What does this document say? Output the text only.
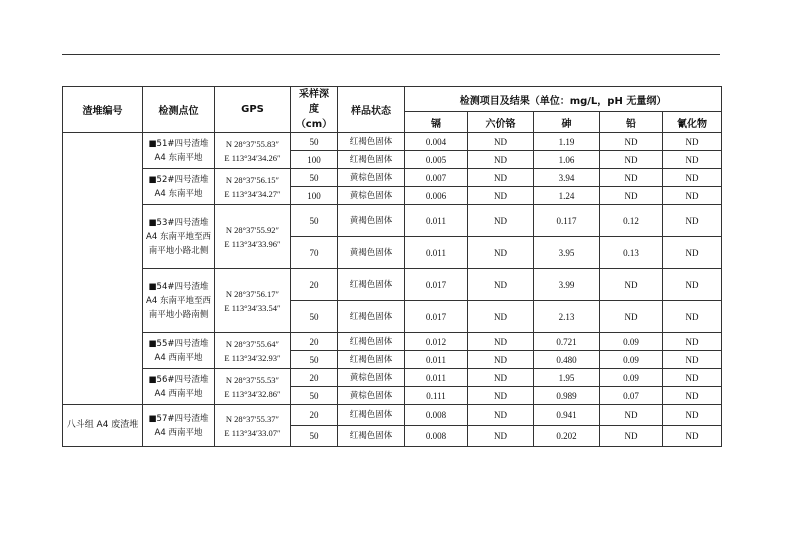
渣堆编号	检测点位	GPS	采样深度（cm）	样品状态	检测项目及结果（单位：mg/L，pH 无量纲）				
					镉	六价铬	砷	铅	氰化物
	■51#四号渣堆A4 东南平地	N 28°37′55.83″
E 113°34′34.26″	50	红褐色固体	0.004	ND	1.19	ND	ND
			100	红褐色固体	0.005	ND	1.06	ND	ND
	■52#四号渣堆A4 东南平地	N 28°37′56.15″
E 113°34′34.27″	50	黄棕色固体	0.007	ND	3.94	ND	ND
			100	黄棕色固体	0.006	ND	1.24	ND	ND
	■53#四号渣堆A4 东南平地至西南平地小路北侧	N 28°37′55.92″
E 113°34′33.96″	50	黄褐色固体	0.011	ND	0.117	0.12	ND
			70	黄褐色固体	0.011	ND	3.95	0.13	ND
	■54#四号渣堆A4 东南平地至西南平地小路南侧	N 28°37′56.17″
E 113°34′33.54″	20	红褐色固体	0.017	ND	3.99	ND	ND
			50	红褐色固体	0.017	ND	2.13	ND	ND
	■55#四号渣堆A4 西南平地	N 28°37′55.64″
E 113°34′32.93″	20	红褐色固体	0.012	ND	0.721	0.09	ND
			50	红褐色固体	0.011	ND	0.480	0.09	ND
	■56#四号渣堆A4 西南平地	N 28°37′55.53″
E 113°34′32.86″	20	黄棕色固体	0.011	ND	1.95	0.09	ND
			50	黄棕色固体	0.111	ND	0.989	0.07	ND
八斗组 A4 废渣堆	■57#四号渣堆A4 西南平地	N 28°37′55.37″
E 113°34′33.07″	20	红褐色固体	0.008	ND	0.941	ND	ND
			50	红褐色固体	0.008	ND	0.202	ND	ND
